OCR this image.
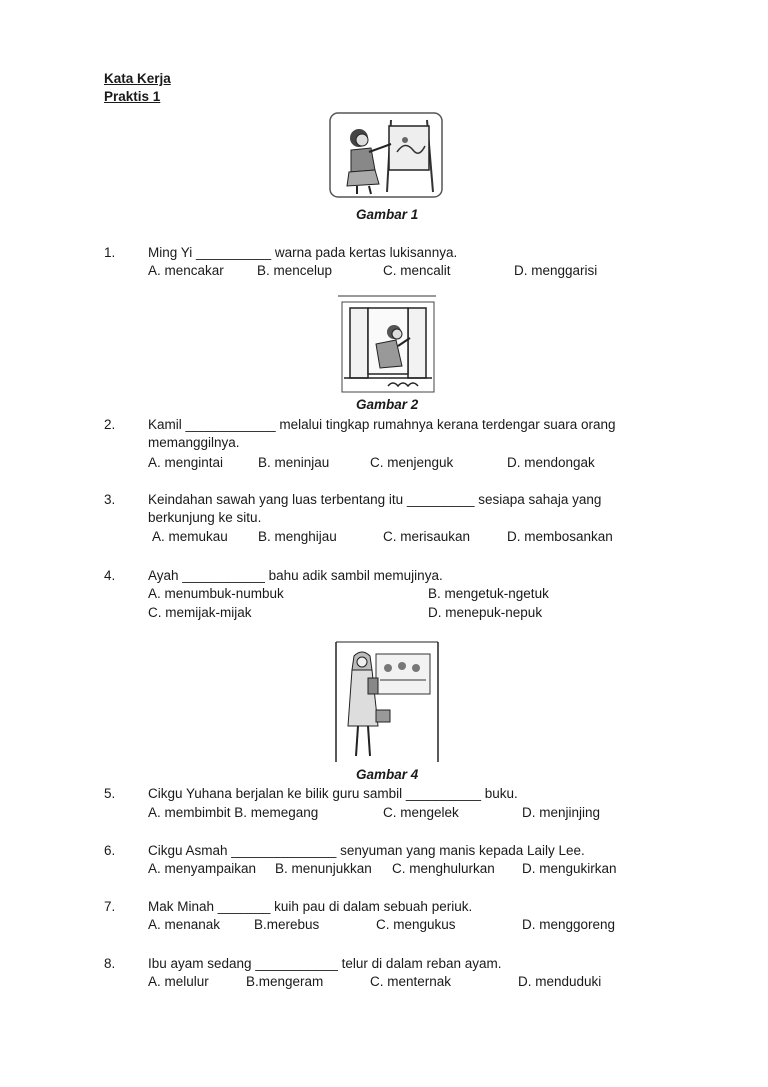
Kata Kerja
Praktis 1
Gambar 1
1. Ming Yi __________ warna pada kertas lukisannya.
A. mencakar B. mencelup	C. mencalit	D. menggarisi
Gambar 2
2. Kamil ____________ melalui tingkap rumahnya kerana terdengar suara orang
memanggilnya.
A. mengintai	B. meninjau	C. menjenguk	D. mendongak
3. Keindahan sawah yang luas terbentang itu _________ sesiapa sahaja yang
berkunjung ke situ.
A. memukau B. menghijau	C. merisaukan	D. membosankan
4. Ayah ___________ bahu adik sambil memujinya.
A. menumbuk-numbuk	B. mengetuk-ngetuk
C. memijak-mijak	D. menepuk-nepuk
Gambar 4
5. Cikgu Yuhana berjalan ke bilik guru sambil __________ buku.
A. membimbit B. memegang	C. mengelek	D. menjinjing
6. Cikgu Asmah ______________ senyuman yang manis kepada Laily Lee.
A. menyampaikan B. menunjukkan C. menghulurkan D. mengukirkan
7. Mak Minah _______ kuih pau di dalam sebuah periuk.
A. menanak	B.merebus	C. mengukus	D. menggoreng
8. Ibu ayam sedang ___________ telur di dalam reban ayam.
A. melulur	B.mengeram	C. menternak	D. menduduki
